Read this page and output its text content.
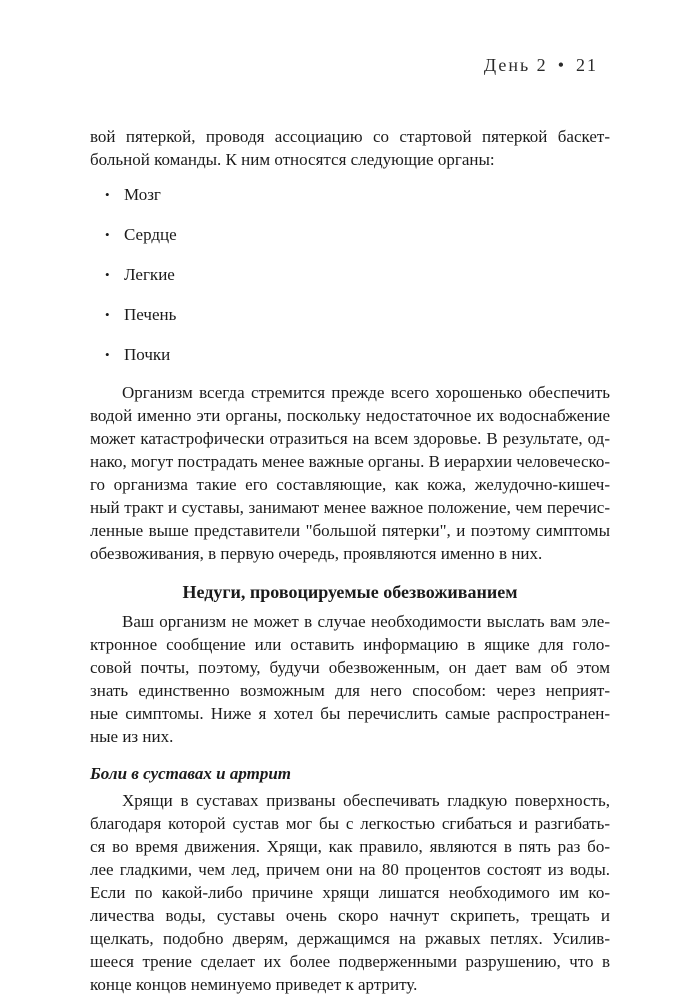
День 2 • 21
вой пятеркой, проводя ассоциацию со стартовой пятеркой баскет-
больной команды. К ним относятся следующие органы:
• Мозг
• Сердце
• Легкие
• Печень
• Почки
Организм всегда стремится прежде всего хорошенько обеспечить
водой именно эти органы, поскольку недостаточное их водоснабжение
может катастрофически отразиться на всем здоровье. В результате, од-
нако, могут пострадать менее важные органы. В иерархии человеческо-
го организма такие его составляющие, как кожа, желудочно-кишеч-
ный тракт и суставы, занимают менее важное положение, чем перечис-
ленные выше представители "большой пятерки", и поэтому симптомы
обезвоживания, в первую очередь, проявляются именно в них.
Недуги, провоцируемые обезвоживанием
Ваш организм не может в случае необходимости выслать вам эле-
ктронное сообщение или оставить информацию в ящике для голо-
совой почты, поэтому, будучи обезвоженным, он дает вам об этом
знать единственно возможным для него способом: через неприят-
ные симптомы. Ниже я хотел бы перечислить самые распространен-
ные из них.
Боли в суставах и артрит
Хрящи в суставах призваны обеспечивать гладкую поверхность,
благодаря которой сустав мог бы с легкостью сгибаться и разгибать-
ся во время движения. Хрящи, как правило, являются в пять раз бо-
лее гладкими, чем лед, причем они на 80 процентов состоят из воды.
Если по какой-либо причине хрящи лишатся необходимого им ко-
личества воды, суставы очень скоро начнут скрипеть, трещать и
щелкать, подобно дверям, держащимся на ржавых петлях. Усилив-
шееся трение сделает их более подверженными разрушению, что в
конце концов неминуемо приведет к артриту.
